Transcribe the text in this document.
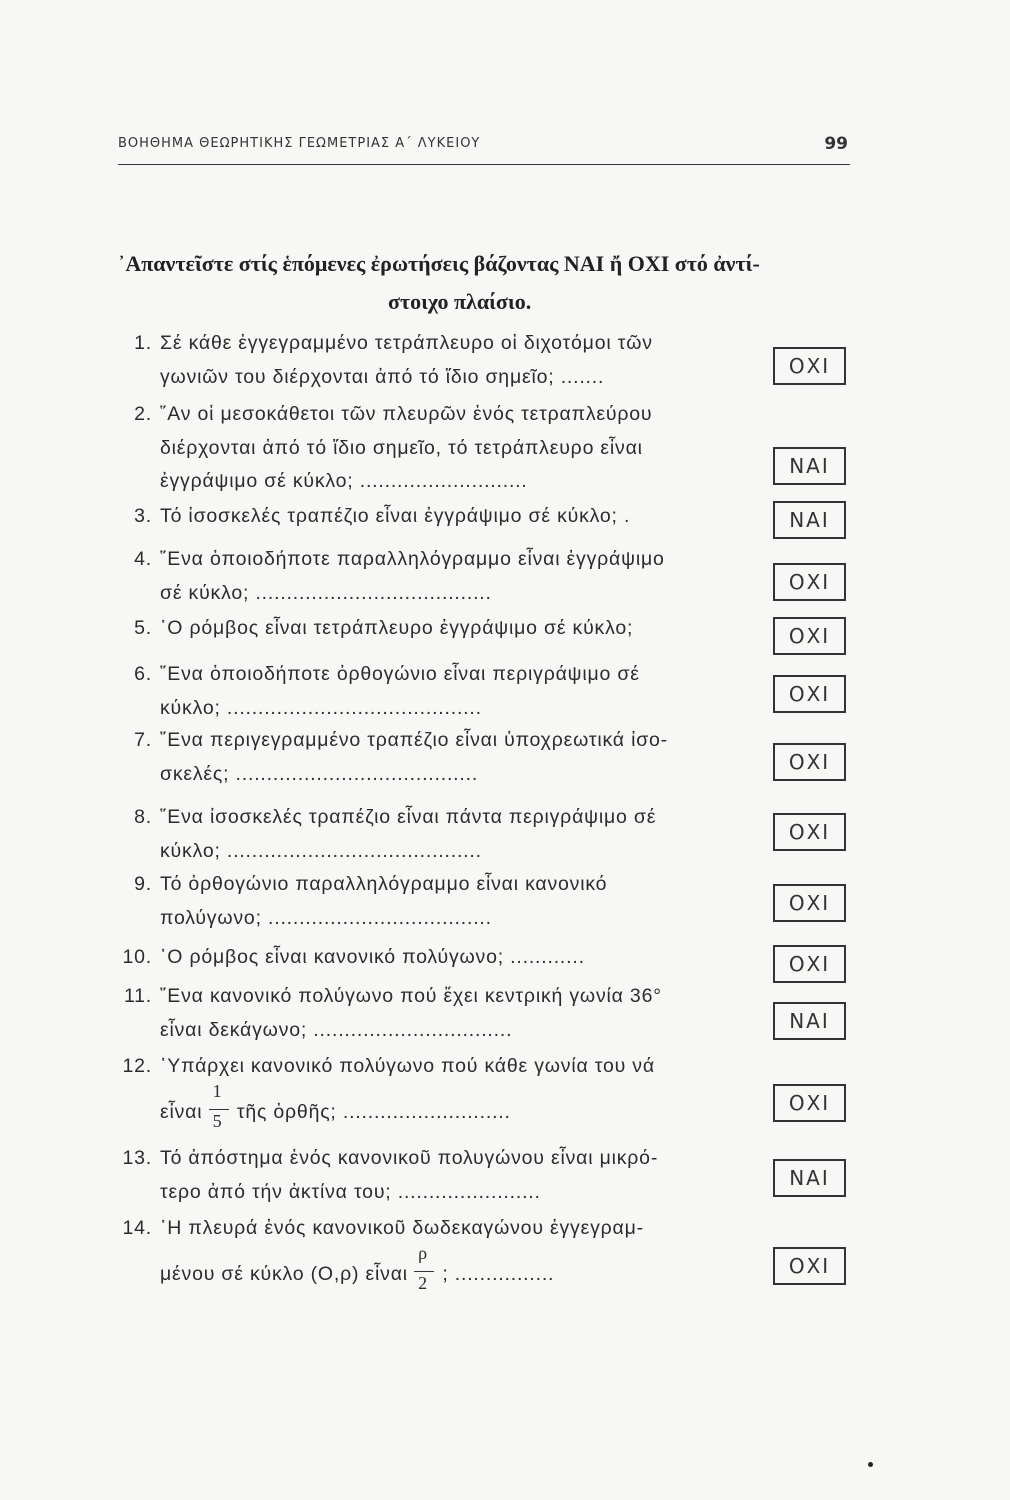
ΒΟΗΘΗΜΑ ΘΕΩΡΗΤΙΚΗΣ ΓΕΩΜΕΤΡΙΑΣ Α΄ ΛΥΚΕΙΟΥ	99
᾿Απαντεῖστε στίς ἑπόμενες ἐρωτήσεις βάζοντας ΝΑΙ ἤ ΟΧΙ στό ἀντί-
στοιχο πλαίσιο.
1. Σέ κάθε ἐγγεγραμμένο τετράπλευρο οἱ διχοτόμοι τῶν
γωνιῶν του διέρχονται ἀπό τό ἴδιο σημεῖο; .......	ΟΧΙ
2. ῞Αν οἱ μεσοκάθετοι τῶν πλευρῶν ἑνός τετραπλεύρου
διέρχονται ἀπό τό ἴδιο σημεῖο, τό τετράπλευρο εἶναι
ἐγγράψιμο σέ κύκλο; ...........................
ΝΑΙ
3. Τό ἰσοσκελές τραπέζιο εἶναι ἐγγράψιμο σέ κύκλο; .	ΝΑΙ
4. ῞Ενα ὁποιοδήποτε παραλληλόγραμμο εἶναι ἐγγράψιμο
σέ κύκλο; ......................................	ΟΧΙ
5. ῾Ο ρόμβος εἶναι τετράπλευρο ἐγγράψιμο σέ κύκλο;	ΟΧΙ
6. ῞Ενα ὁποιοδήποτε ὀρθογώνιο εἶναι περιγράψιμο σέ
κύκλο; .........................................
ΟΧΙ
7. ῞Ενα περιγεγραμμένο τραπέζιο εἶναι ὑποχρεωτικά ἰσο-
σκελές; .......................................	ΟΧΙ
8. ῞Ενα ἰσοσκελές τραπέζιο εἶναι πάντα περιγράψιμο σέ
κύκλο; .........................................
ΟΧΙ
9. Τό ὀρθογώνιο παραλληλόγραμμο εἶναι κανονικό
πολύγωνο; ....................................
ΟΧΙ
10. ῾Ο ρόμβος εἶναι κανονικό πολύγωνο; ............	ΟΧΙ
11. ῞Ενα κανονικό πολύγωνο πού ἔχει κεντρική γωνία 36°
εἶναι δεκάγωνο; ................................	ΝΑΙ
12. ῾Υπάρχει κανονικό πολύγωνο πού κάθε γωνία του νά
εἶναι $\frac{1}{5}$ τῆς ὀρθῆς; ...........................	ΟΧΙ
13. Τό ἀπόστημα ἑνός κανονικοῦ πολυγώνου εἶναι μικρό-
τερο ἀπό τήν ἀκτίνα του; .......................
ΝΑΙ
14. ῾Η πλευρά ἑνός κανονικοῦ δωδεκαγώνου ἐγγεγραμ-
μένου σέ κύκλο (Ο,ρ) εἶναι $\frac{\rho}{2}$ ; ................	ΟΧΙ
